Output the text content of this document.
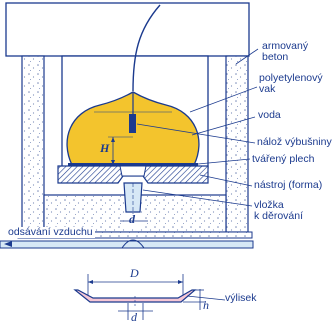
armovaný
beton
polyetylenový
vak
voda
nálož výbušniny
tvářený plech
nástroj (forma)
vložka
k děrování
odsávání vzduchu
výlisek
H
d
D
d
h
